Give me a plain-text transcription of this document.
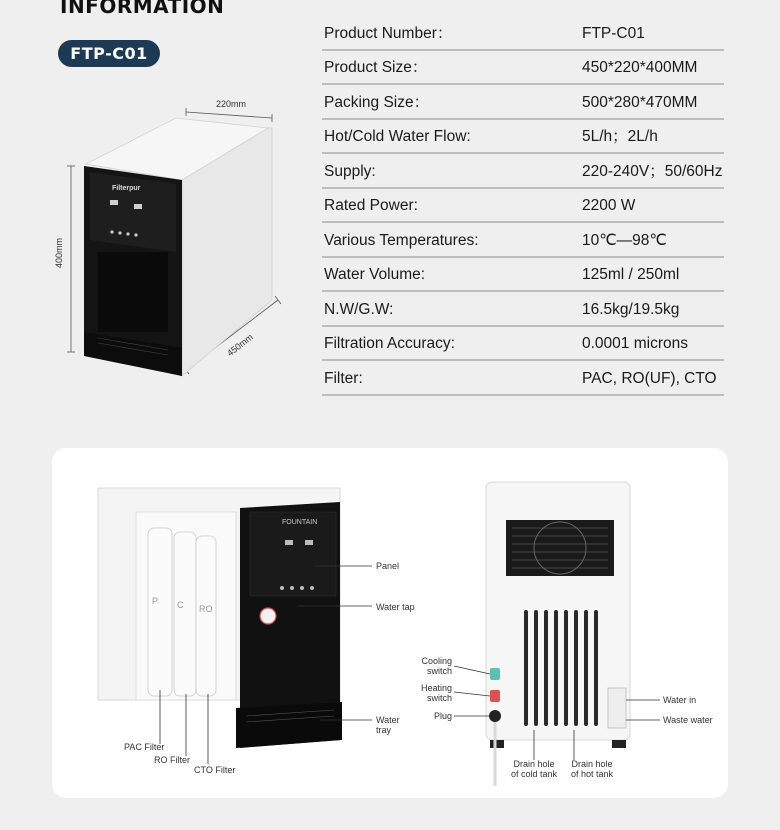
INFORMATION
FTP-C01
220mm
400mm
450mm
Filterpur
Product Number：	FTP-C01
Product Size：	450*220*400MM
Packing Size：	500*280*470MM
Hot/Cold Water Flow:	5L/h；2L/h
Supply:	220-240V；50/60Hz
Rated Power:	2200 W
Various Temperatures:	10℃—98℃
Water Volume:	125ml / 250ml
N.W/G.W:	16.5kg/19.5kg
Filtration Accuracy:	0.0001 microns
Filter:	PAC, RO(UF), CTO
FOUNTAIN
P C RO
Panel
Water tap
Water
tray
PAC Filter
RO Filter
CTO Filter
Cooling
switch
Heating
switch
Plug
Water in
Waste water
Drain hole
of cold tank
Drain hole
of hot tank
